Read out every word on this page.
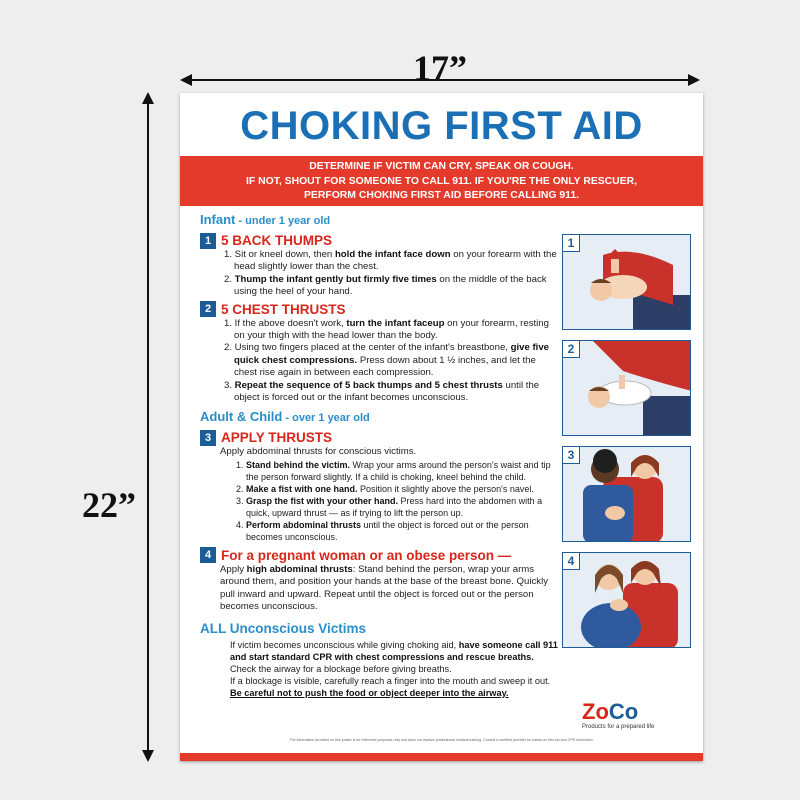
17”
22”
CHOKING FIRST AID
DETERMINE IF VICTIM CAN CRY, SPEAK OR COUGH.
IF NOT, SHOUT FOR SOMEONE TO CALL 911. IF YOU'RE THE ONLY RESCUER,
PERFORM CHOKING FIRST AID BEFORE CALLING 911.
Infant - under 1 year old
1 5 BACK THUMPS
1. Sit or kneel down, then hold the infant face down on your forearm with the head slightly lower than the chest.
2. Thump the infant gently but firmly five times on the middle of the back using the heel of your hand.
2 5 CHEST THRUSTS
1. If the above doesn't work, turn the infant faceup on your forearm, resting on your thigh with the head lower than the body.
2. Using two fingers placed at the center of the infant's breastbone, give five quick chest compressions. Press down about 1 ½ inches, and let the chest rise again in between each compression.
3. Repeat the sequence of 5 back thumps and 5 chest thrusts until the object is forced out or the infant becomes unconscious.
Adult & Child - over 1 year old
3 APPLY THRUSTS
Apply abdominal thrusts for conscious victims.
1. Stand behind the victim. Wrap your arms around the person's waist and tip the person forward slightly. If a child is choking, kneel behind the child.
2. Make a fist with one hand. Position it slightly above the person's navel.
3. Grasp the fist with your other hand. Press hard into the abdomen with a quick, upward thrust — as if trying to lift the person up.
4. Perform abdominal thrusts until the object is forced out or the person becomes unconscious.
4 For a pregnant woman or an obese person —
Apply high abdominal thrusts: Stand behind the person, wrap your arms around them, and position your hands at the base of the breast bone. Quickly pull inward and upward. Repeat until the object is forced out or the person becomes unconscious.
ALL Unconscious Victims
If victim becomes unconscious while giving choking aid, have someone call 911 and start standard CPR with chest compressions and rescue breaths.
Check the airway for a blockage before giving breaths.
If a blockage is visible, carefully reach a finger into the mouth and sweep it out.
Be careful not to push the food or object deeper into the airway.
1
2
3
4
ZoCo
Products for a prepared life
The information provided on this poster is for reference purposes only and does not replace professional medical training. Consult a certified provider for hands-on first aid and CPR instruction.
